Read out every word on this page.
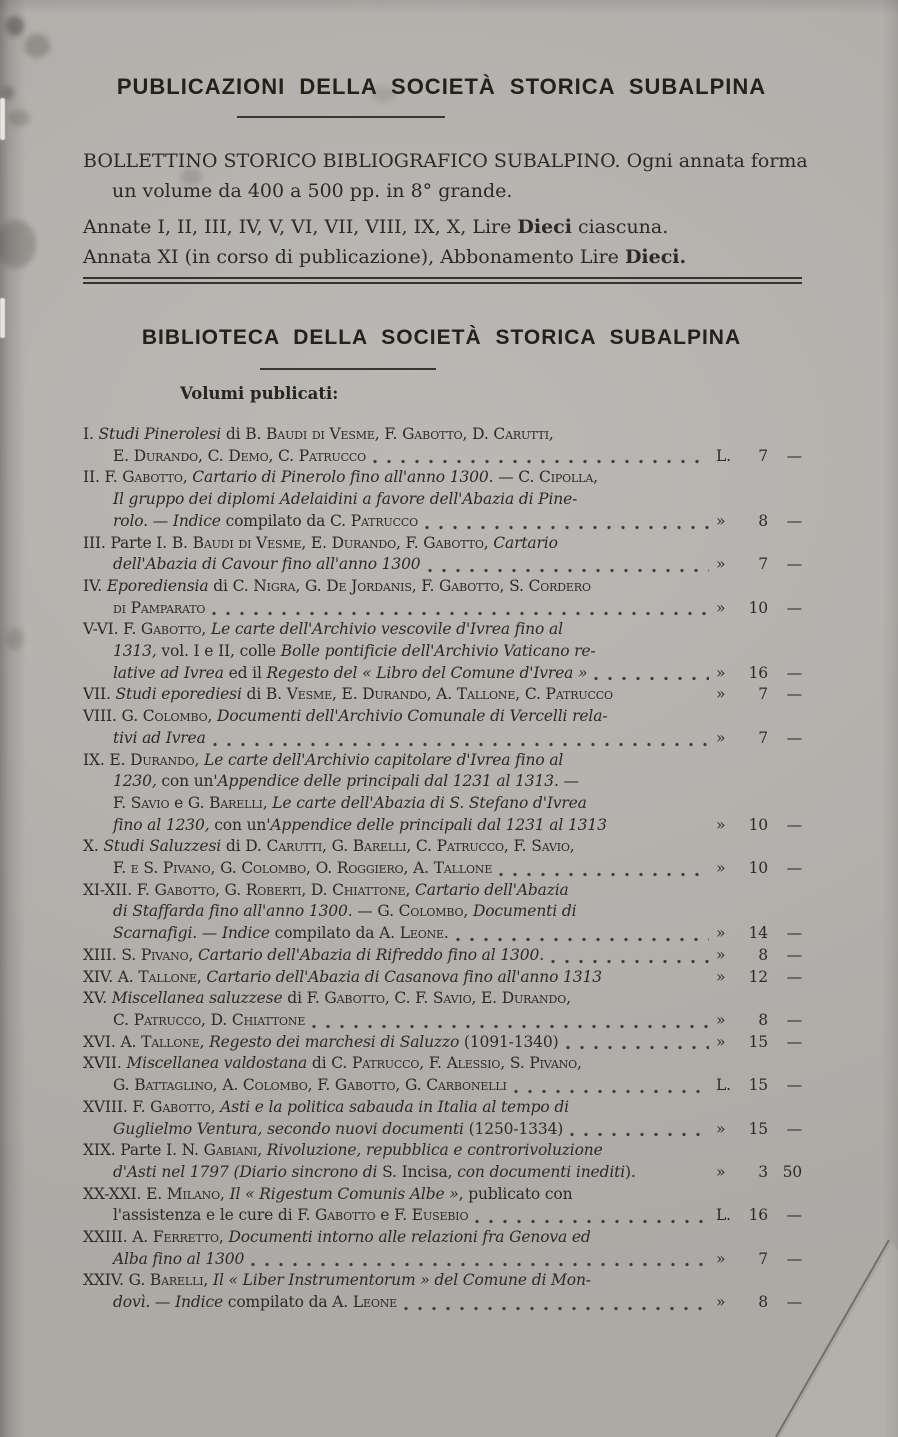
PUBLICAZIONI DELLA SOCIETÀ STORICA SUBALPINA
BOLLETTINO STORICO BIBLIOGRAFICO SUBALPINO. Ogni annata forma
un volume da 400 a 500 pp. in 8° grande.
Annate I, II, III, IV, V, VI, VII, VIII, IX, X, Lire Dieci ciascuna.
Annata XI (in corso di publicazione), Abbonamento Lire Dieci.
BIBLIOTECA DELLA SOCIETÀ STORICA SUBALPINA
Volumi publicati:
I. Studi Pinerolesi di B. Baudi di Vesme, F. Gabotto, D. Carutti,
E. Durando, C. Demo, C. Patrucco	L.	7	—
II. F. Gabotto, Cartario di Pinerolo fino all'anno 1300. — C. Cipolla,
Il gruppo dei diplomi Adelaidini a favore dell'Abazia di Pine-
rolo. — Indice compilato da C. Patrucco	»	8	—
III. Parte I. B. Baudi di Vesme, E. Durando, F. Gabotto, Cartario
dell'Abazia di Cavour fino all'anno 1300	»	7	—
IV. Eporediensia di C. Nigra, G. De Jordanis, F. Gabotto, S. Cordero
di Pamparato	»	10	—
V-VI. F. Gabotto, Le carte dell'Archivio vescovile d'Ivrea fino al
1313, vol. I e II, colle Bolle pontificie dell'Archivio Vaticano re-
lative ad Ivrea ed il Regesto del « Libro del Comune d'Ivrea »	»	16	—
VII. Studi eporediesi di B. Vesme, E. Durando, A. Tallone, C. Patrucco	»	7	—
VIII. G. Colombo, Documenti dell'Archivio Comunale di Vercelli rela-
tivi ad Ivrea	»	7	—
IX. E. Durando, Le carte dell'Archivio capitolare d'Ivrea fino al
1230, con un'Appendice delle principali dal 1231 al 1313. —
F. Savio e G. Barelli, Le carte dell'Abazia di S. Stefano d'Ivrea
fino al 1230, con un'Appendice delle principali dal 1231 al 1313	»	10	—
X. Studi Saluzzesi di D. Carutti, G. Barelli, C. Patrucco, F. Savio,
F. e S. Pivano, G. Colombo, O. Roggiero, A. Tallone	»	10	—
XI-XII. F. Gabotto, G. Roberti, D. Chiattone, Cartario dell'Abazia
di Staffarda fino all'anno 1300. — G. Colombo, Documenti di
Scarnafigi. — Indice compilato da A. Leone.	»	14	—
XIII. S. Pivano, Cartario dell'Abazia di Rifreddo fino al 1300.	»	8	—
XIV. A. Tallone, Cartario dell'Abazia di Casanova fino all'anno 1313	»	12	—
XV. Miscellanea saluzzese di F. Gabotto, C. F. Savio, E. Durando,
C. Patrucco, D. Chiattone	»	8	—
XVI. A. Tallone, Regesto dei marchesi di Saluzzo (1091-1340)	»	15	—
XVII. Miscellanea valdostana di C. Patrucco, F. Alessio, S. Pivano,
G. Battaglino, A. Colombo, F. Gabotto, G. Carbonelli	L.	15	—
XVIII. F. Gabotto, Asti e la politica sabauda in Italia al tempo di
Guglielmo Ventura, secondo nuovi documenti (1250-1334)	»	15	—
XIX. Parte I. N. Gabiani, Rivoluzione, repubblica e controrivoluzione
d'Asti nel 1797 (Diario sincrono di S. Incisa, con documenti inediti).	»	3 50
XX-XXI. E. Milano, Il « Rigestum Comunis Albe », publicato con
l'assistenza e le cure di F. Gabotto e F. Eusebio	L.	16	—
XXIII. A. Ferretto, Documenti intorno alle relazioni fra Genova ed
Alba fino al 1300	»	7	—
XXIV. G. Barelli, Il « Liber Instrumentorum » del Comune di Mon-
dovì. — Indice compilato da A. Leone	»	8	—
